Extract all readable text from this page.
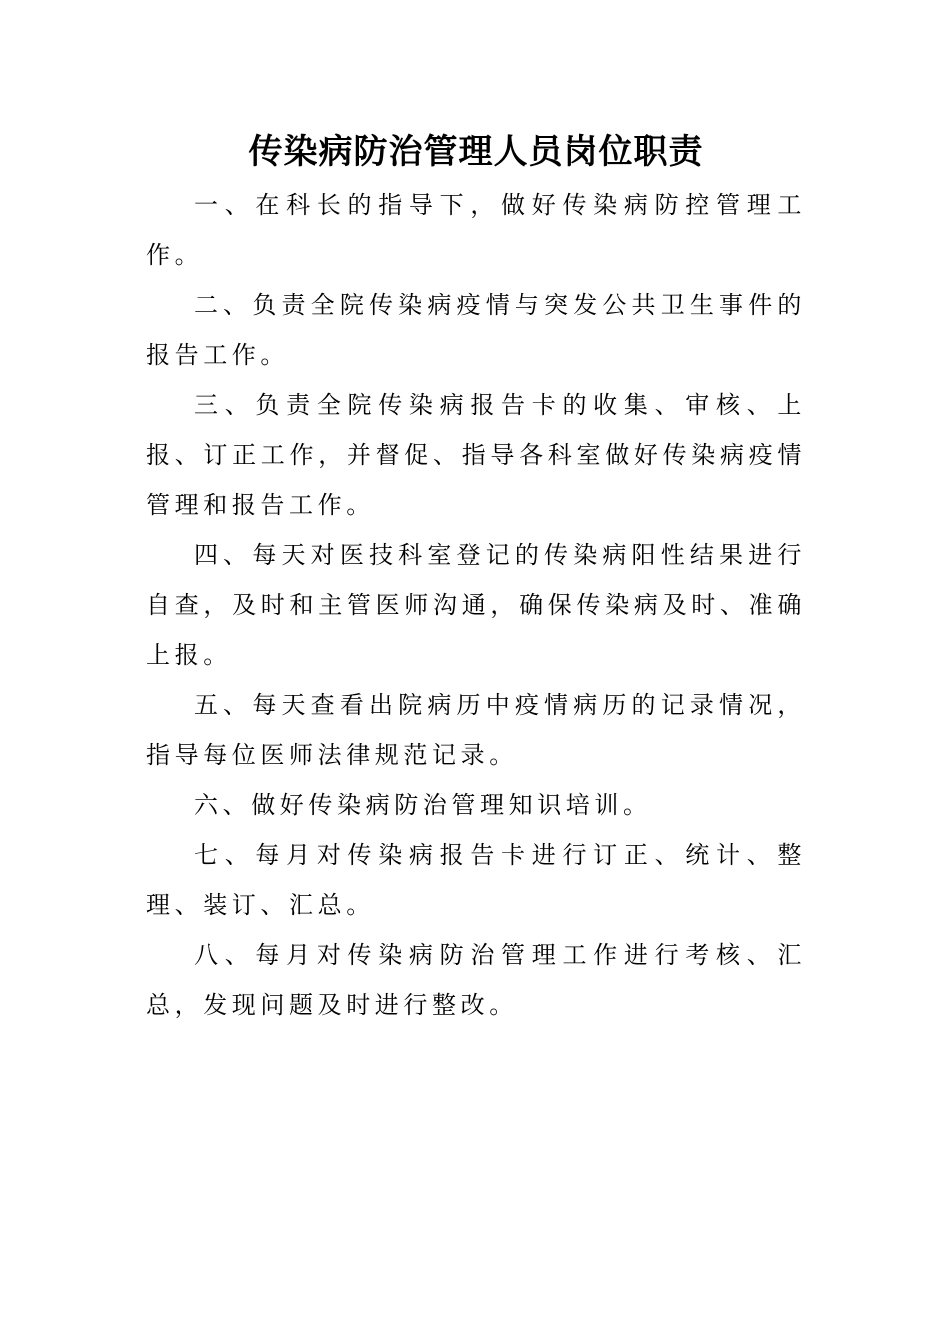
传染病防治管理人员岗位职责

一、在科长的指导下，做好传染病防控管理工作。

二、负责全院传染病疫情与突发公共卫生事件的报告工作。

三、负责全院传染病报告卡的收集、审核、上报、订正工作，并督促、指导各科室做好传染病疫情管理和报告工作。

四、每天对医技科室登记的传染病阳性结果进行自查，及时和主管医师沟通，确保传染病及时、准确上报。

五、每天查看出院病历中疫情病历的记录情况，指导每位医师法律规范记录。

六、做好传染病防治管理知识培训。

七、每月对传染病报告卡进行订正、统计、整理、装订、汇总。

八、每月对传染病防治管理工作进行考核、汇总，发现问题及时进行整改。
